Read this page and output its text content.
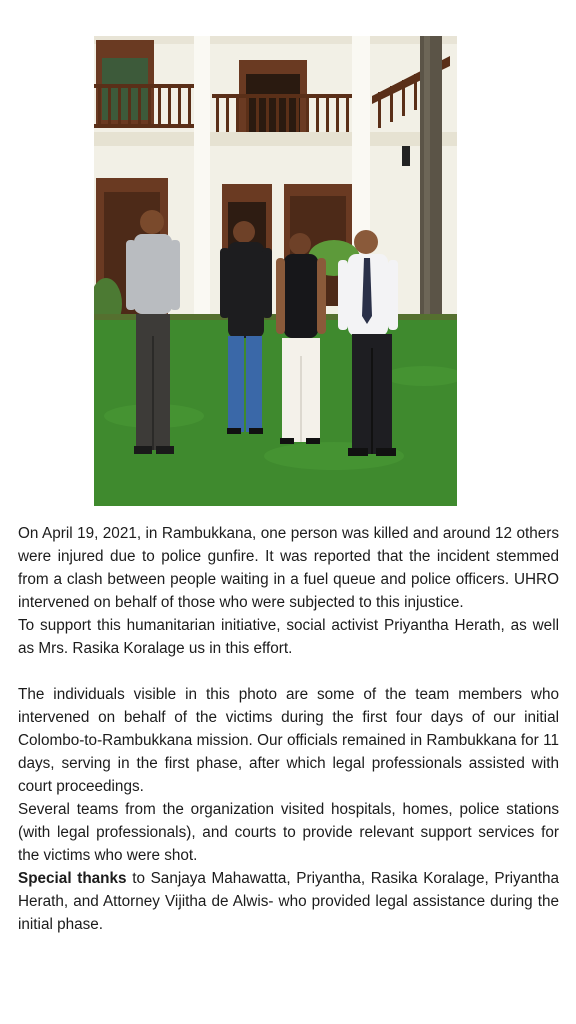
On April 19, 2021, in Rambukkana, one person was killed and around 12 others were injured due to police gunfire. It was reported that the incident stemmed from a clash between people waiting in a fuel queue and police officers. UHRO intervened on behalf of those who were subjected to this injustice.

To support this humanitarian initiative, social activist Priyantha Herath, as well as Mrs. Rasika Koralage us in this effort.

The individuals visible in this photo are some of the team members who intervened on behalf of the victims during the first four days of our initial Colombo-to-Rambukkana mission. Our officials remained in Rambukkana for 11 days, serving in the first phase, after which legal professionals assisted with court proceedings.

Several teams from the organization visited hospitals, homes, police stations (with legal professionals), and courts to provide relevant support services for the victims who were shot.

Special thanks to Sanjaya Mahawatta, Priyantha, Rasika Koralage, Priyantha Herath, and Attorney Vijitha de Alwis- who provided legal assistance during the initial phase.
